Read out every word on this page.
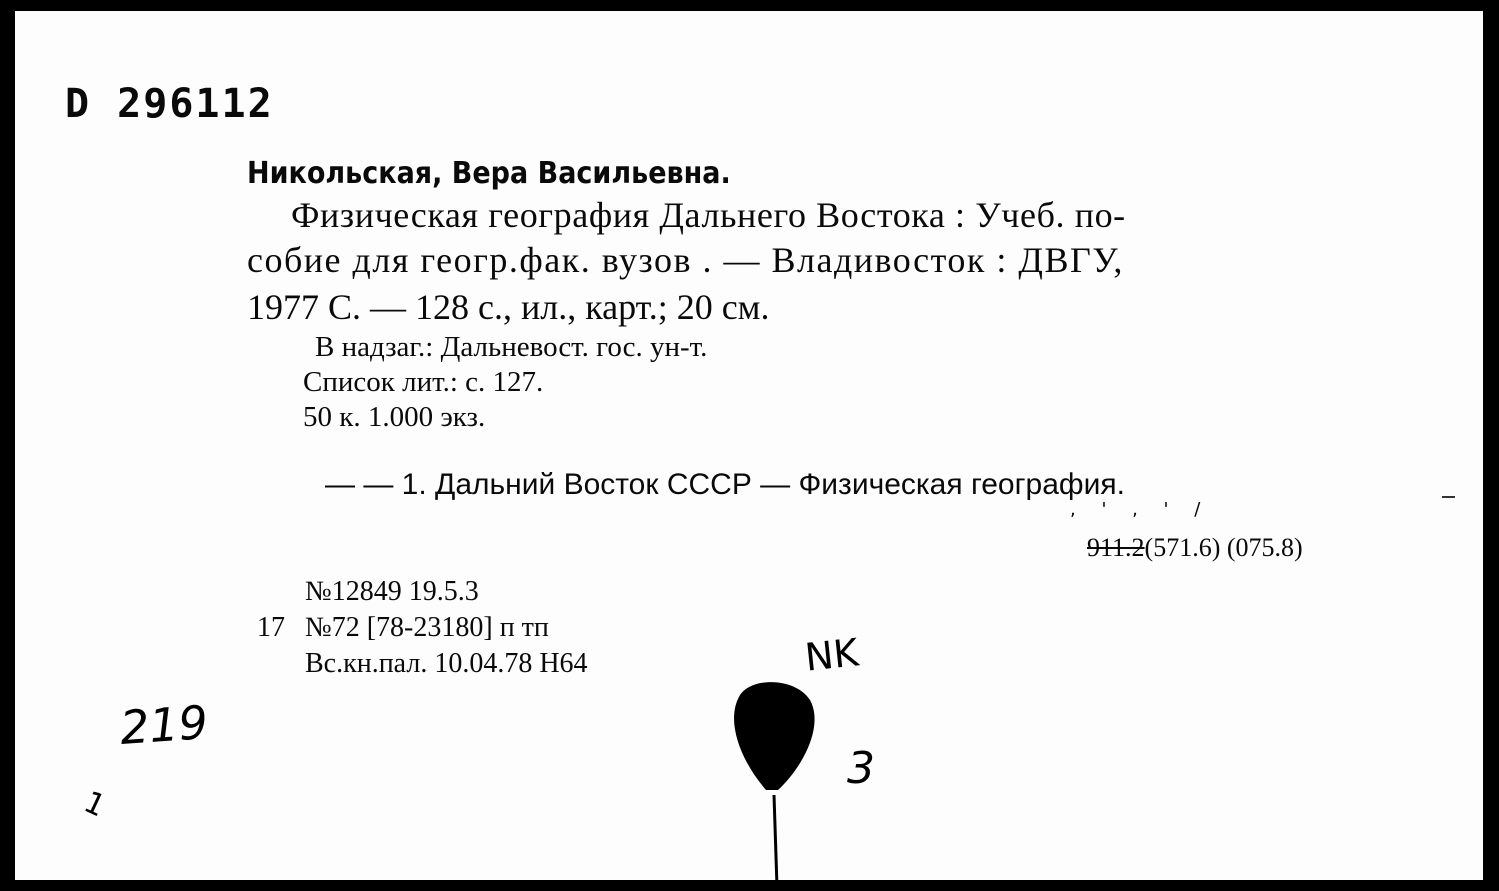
D 296112
Никольская, Вера Васильевна.
Физическая география Дальнего Востока : Учеб. по-
собие для геогр.фак. вузов . — Владивосток : ДВГУ,
1977 С. — 128 с., ил., карт.; 20 см.
В надзаг.: Дальневост. гос. ун-т.
Список лит.: с. 127.
50 к. 1.000 экз.
— — 1. Дальний Восток СССР — Физическая география.
, ' , ' /
911.2(571.6) (075.8)
№12849 19.5.3
17 №72 [78-23180] п тп
Вс.кн.пал. 10.04.78 Н64	NK
219
3
1
